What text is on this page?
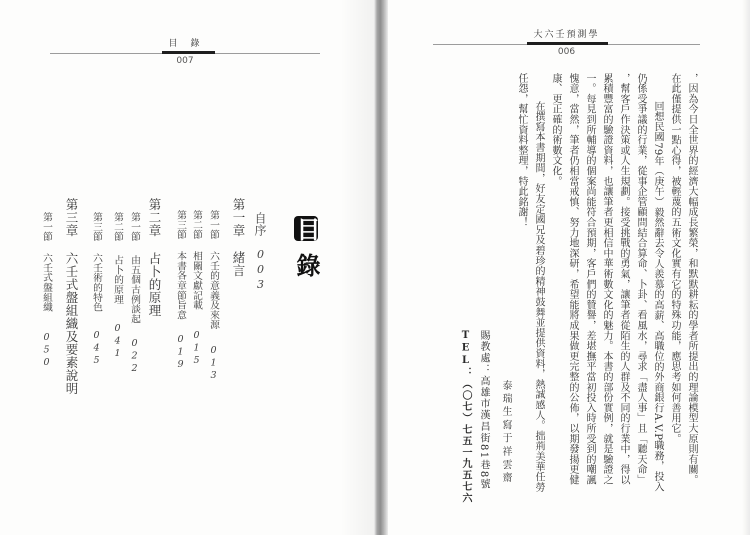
目　錄
007
目 錄
自序 003
第一章 緒言
第一節 六壬的意義及來源 013
第二節 相關文獻記載 015
第三節 本書各章節旨意 019
第二章 占卜的原理
第一節 由五個古例談起 022
第二節 占卜的原理 041
第三節 六壬術的特色 045
第三章 六壬式盤組織及要素說明
第一節 六壬式盤組織 050
大六壬預測學
006
，因為今日全世界的經濟大幅成長繁榮，和默默耕耘的學者所提出的理論模型大原則有關。
在此僅提供一點心得，被輕蔑的五術文化實有它的特殊功能，應思考如何善用它。
回想民國79年（庚午）毅然辭去令人羨慕的高薪、高職位的外商銀行A.V.P職務，投入
仍係受爭議的行業，從事企管顧問結合算命、卜卦、看風水，尋求「盡人事」且「聽天命」
，幫客戶作決策或人生規劃。接受挑戰的勇氣，讓筆者從陌生的人群及不同的行業中，得以
累積豐富的驗證資料，也讓筆者更相信中華術數文化的魅力。本書的部份實例，就是驗證之
一。每見到所輔導的個案尚能符合預期，客戶們的贊譽，差堪撫平當初投入時所受到的嘲諷
愧意，當然，筆者仍相當戒慎、努力地深研，希望能將成果做更完整的公佈，以期發揚更健
康、更正確的術數文化。
在撰寫本書期間，好友定國兄及碧珍的精神鼓舞並提供資料，熱誠感人。拙荊美華任勞
任怨，幫忙資料整理，特此銘謝！
泰瑞生寫于祥雲齋
賜教處：高雄市漢昌街81巷8號
TEL：（〇七）七五一九五七六
